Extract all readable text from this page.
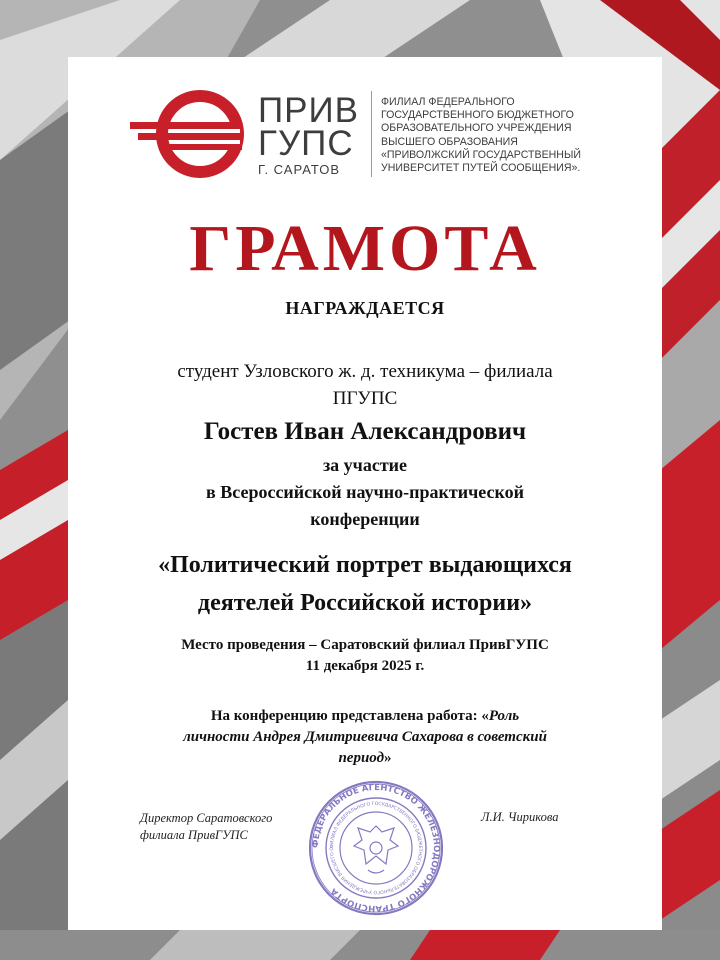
ПРИВ
ГУПС
Г. САРАТОВ
ФИЛИАЛ ФЕДЕРАЛЬНОГО
ГОСУДАРСТВЕННОГО БЮДЖЕТНОГО
ОБРАЗОВАТЕЛЬНОГО УЧРЕЖДЕНИЯ
ВЫСШЕГО ОБРАЗОВАНИЯ
«ПРИВОЛЖСКИЙ ГОСУДАРСТВЕННЫЙ
УНИВЕРСИТЕТ ПУТЕЙ СООБЩЕНИЯ».
ГРАМОТА
НАГРАЖДАЕТСЯ
студент Узловского ж. д. техникума – филиала
ПГУПС
Гостев Иван Александрович
за участие
в Всероссийской научно-практической
конференции
«Политический портрет выдающихся
деятелей Российской истории»
Место проведения – Саратовский филиал ПривГУПС
11 декабря 2025 г.
На конференцию представлена работа: «Роль
личности Андрея Дмитриевича Сахарова в советский
период»
Директор Саратовского
филиала ПривГУПС
Л.И. Чирикова
ФЕДЕРАЛЬНОЕ АГЕНТСТВО ЖЕЛЕЗНОДОРОЖНОГО ТРАНСПОРТА
ФИЛИАЛ ФЕДЕРАЛЬНОГО ГОСУДАРСТВЕННОГО БЮДЖЕТНОГО ОБРАЗОВАТЕЛЬНОГО УЧРЕЖДЕНИЯ ВЫСШЕГО О
